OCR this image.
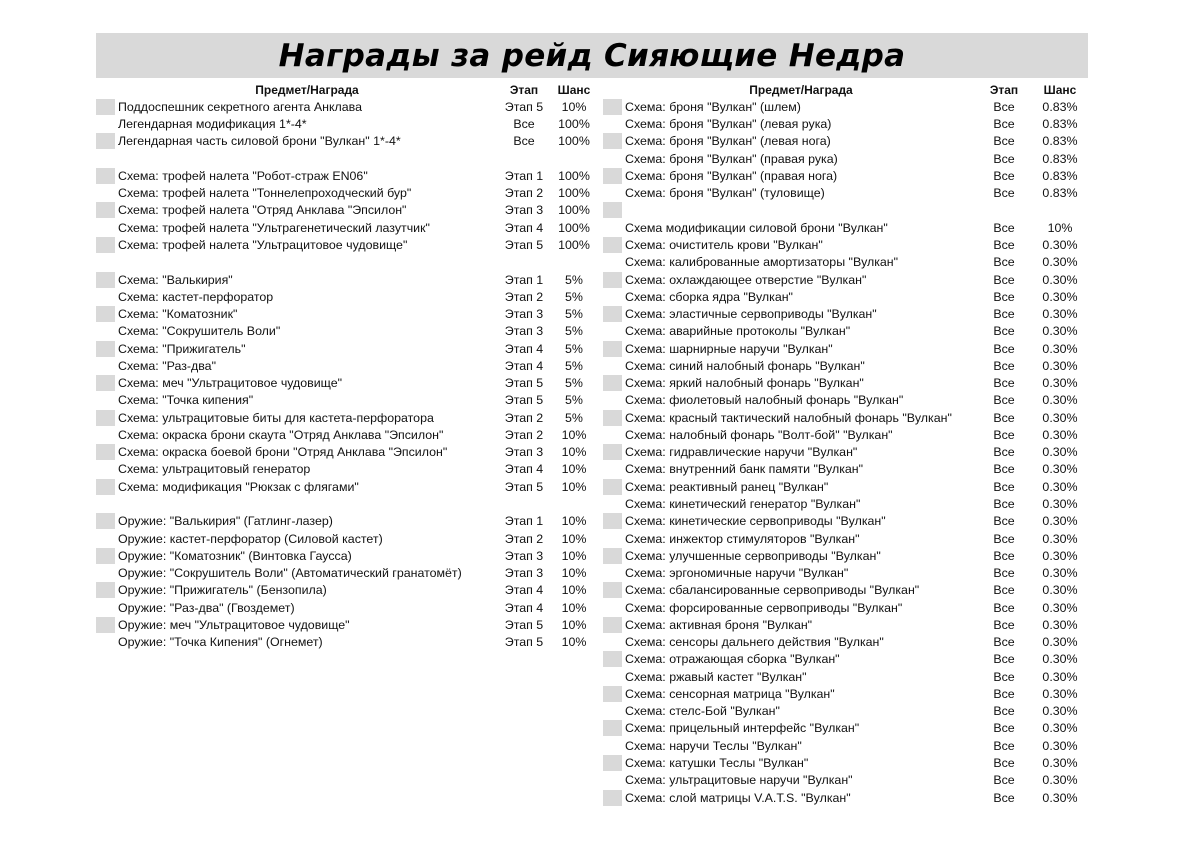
Награды за рейд Сияющие Недра
Предмет/Награда	Этап	Шанс
Поддоспешник секретного агента Анклава	Этап 5	10%
Легендарная модификация 1*-4*	Все	100%
Легендарная часть силовой брони "Вулкан" 1*-4*	Все	100%
Схема: трофей налета "Робот-страж EN06"	Этап 1	100%
Схема: трофей налета "Тоннелепроходческий бур"	Этап 2	100%
Схема: трофей налета "Отряд Анклава "Эпсилон"	Этап 3	100%
Схема: трофей налета "Ультрагенетический лазутчик"	Этап 4	100%
Схема: трофей налета "Ультрацитовое чудовище"	Этап 5	100%
Схема: "Валькирия"	Этап 1	5%
Схема: кастет-перфоратор	Этап 2	5%
Схема: "Коматозник"	Этап 3	5%
Схема: "Сокрушитель Воли"	Этап 3	5%
Схема: "Прижигатель"	Этап 4	5%
Схема: "Раз-два"	Этап 4	5%
Схема: меч "Ультрацитовое чудовище"	Этап 5	5%
Схема: "Точка кипения"	Этап 5	5%
Схема: ультрацитовые биты для кастета-перфоратора	Этап 2	5%
Схема: окраска брони скаута "Отряд Анклава "Эпсилон"	Этап 2	10%
Схема: окраска боевой брони "Отряд Анклава "Эпсилон"	Этап 3	10%
Схема: ультрацитовый генератор	Этап 4	10%
Схема: модификация "Рюкзак с флягами"	Этап 5	10%
Оружие: "Валькирия" (Гатлинг-лазер)	Этап 1	10%
Оружие: кастет-перфоратор (Силовой кастет)	Этап 2	10%
Оружие: "Коматозник" (Винтовка Гаусса)	Этап 3	10%
Оружие: "Сокрушитель Воли" (Автоматический гранатомёт)	Этап 3	10%
Оружие: "Прижигатель" (Бензопила)	Этап 4	10%
Оружие: "Раз-два" (Гвоздемет)	Этап 4	10%
Оружие: меч "Ультрацитовое чудовище"	Этап 5	10%
Оружие: "Точка Кипения" (Огнемет)	Этап 5	10%
Предмет/Награда	Этап	Шанс
Схема: броня "Вулкан" (шлем)	Все	0.83%
Схема: броня "Вулкан" (левая рука)	Все	0.83%
Схема: броня "Вулкан" (левая нога)	Все	0.83%
Схема: броня "Вулкан" (правая рука)	Все	0.83%
Схема: броня "Вулкан" (правая нога)	Все	0.83%
Схема: броня "Вулкан" (туловище)	Все	0.83%
Схема модификации силовой брони "Вулкан"	Все	10%
Схема: очиститель крови "Вулкан"	Все	0.30%
Схема: калиброванные амортизаторы "Вулкан"	Все	0.30%
Схема: охлаждающее отверстие "Вулкан"	Все	0.30%
Схема: сборка ядра "Вулкан"	Все	0.30%
Схема: эластичные сервоприводы "Вулкан"	Все	0.30%
Схема: аварийные протоколы "Вулкан"	Все	0.30%
Схема: шарнирные наручи "Вулкан"	Все	0.30%
Схема: синий налобный фонарь "Вулкан"	Все	0.30%
Схема: яркий налобный фонарь "Вулкан"	Все	0.30%
Схема: фиолетовый налобный фонарь "Вулкан"	Все	0.30%
Схема: красный тактический налобный фонарь "Вулкан"	Все	0.30%
Схема: налобный фонарь "Волт-бой" "Вулкан"	Все	0.30%
Схема: гидравлические наручи "Вулкан"	Все	0.30%
Схема: внутренний банк памяти "Вулкан"	Все	0.30%
Схема: реактивный ранец "Вулкан"	Все	0.30%
Схема: кинетический генератор "Вулкан"	Все	0.30%
Схема: кинетические сервоприводы "Вулкан"	Все	0.30%
Схема: инжектор стимуляторов "Вулкан"	Все	0.30%
Схема: улучшенные сервоприводы "Вулкан"	Все	0.30%
Схема: эргономичные наручи "Вулкан"	Все	0.30%
Схема: сбалансированные сервоприводы "Вулкан"	Все	0.30%
Схема: форсированные сервоприводы "Вулкан"	Все	0.30%
Схема: активная броня "Вулкан"	Все	0.30%
Схема: сенсоры дальнего действия "Вулкан"	Все	0.30%
Схема: отражающая сборка "Вулкан"	Все	0.30%
Схема: ржавый кастет "Вулкан"	Все	0.30%
Схема: сенсорная матрица "Вулкан"	Все	0.30%
Схема: стелс-Бой "Вулкан"	Все	0.30%
Схема: прицельный интерфейс "Вулкан"	Все	0.30%
Схема: наручи Теслы "Вулкан"	Все	0.30%
Схема: катушки Теслы "Вулкан"	Все	0.30%
Схема: ультрацитовые наручи "Вулкан"	Все	0.30%
Схема: слой матрицы V.A.T.S. "Вулкан"	Все	0.30%
